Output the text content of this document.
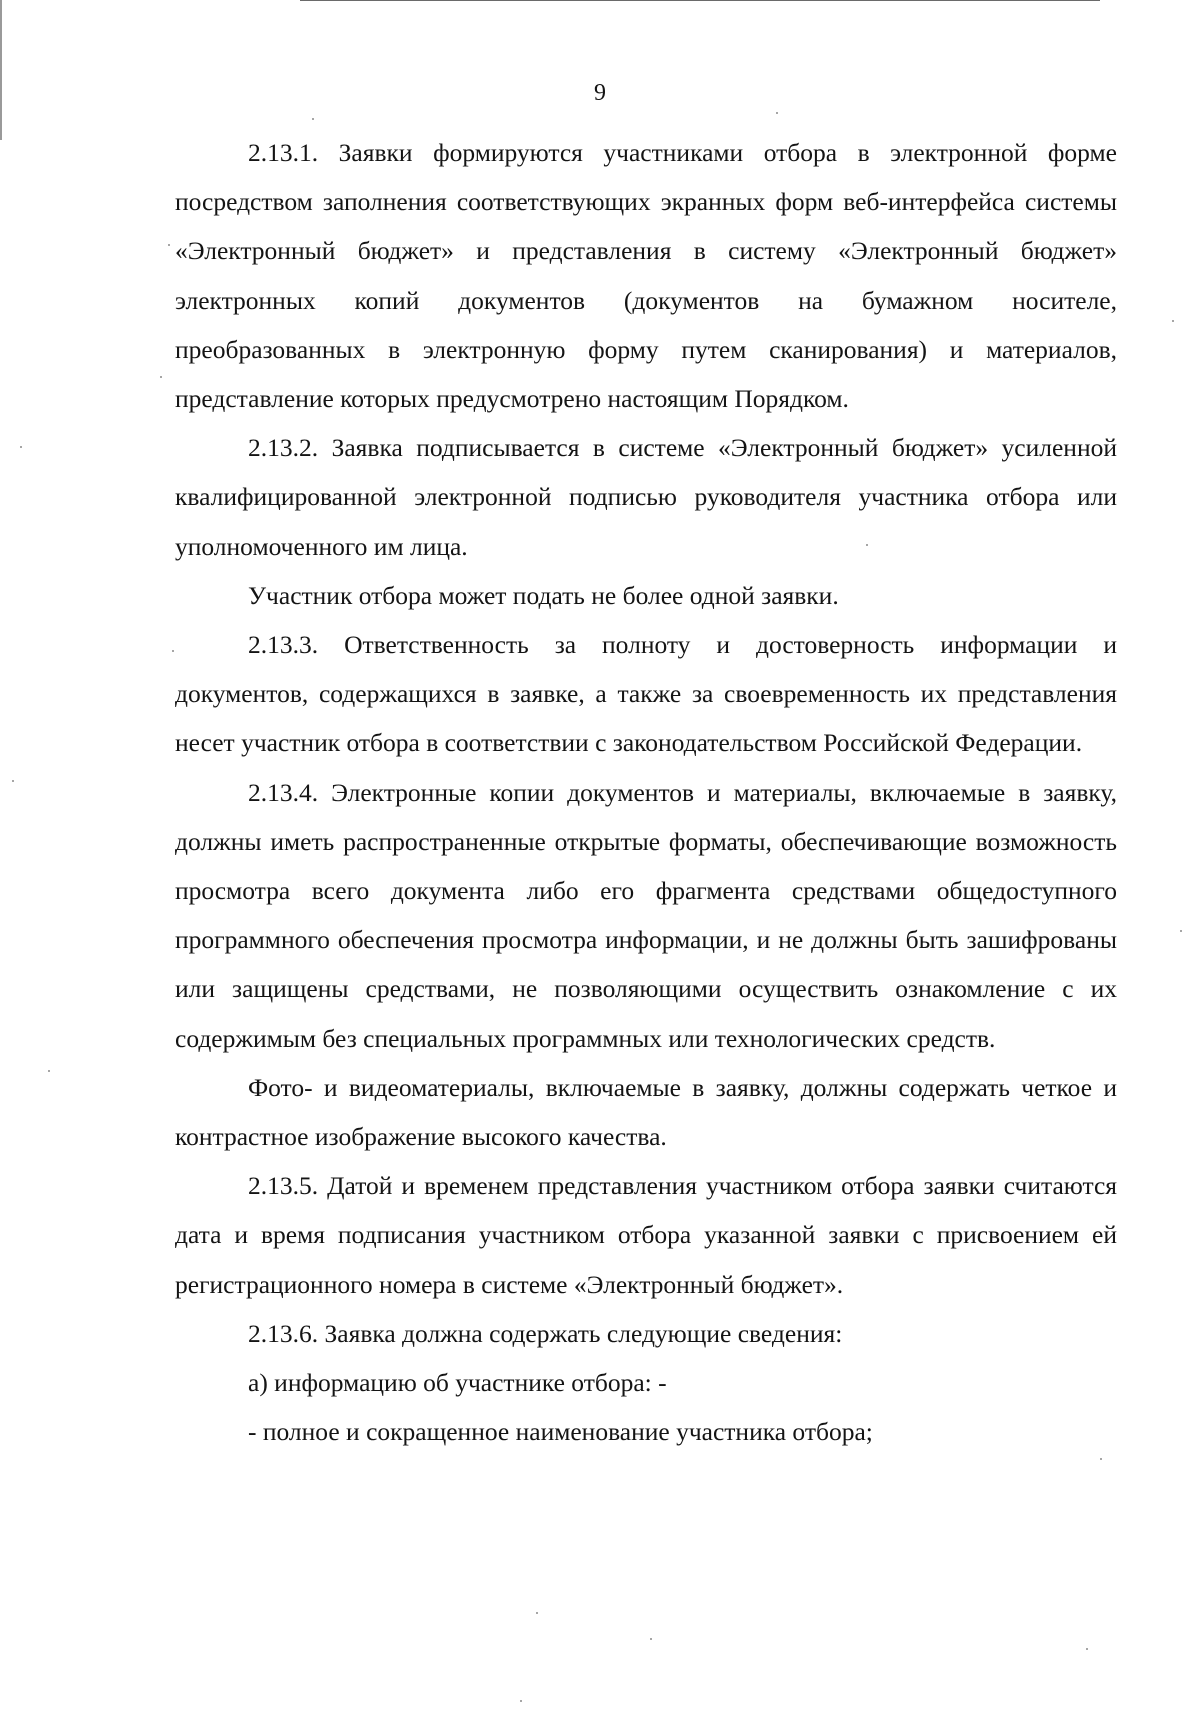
9

2.13.1. Заявки формируются участниками отбора в электронной форме посредством заполнения соответствующих экранных форм веб-интерфейса системы «Электронный бюджет» и представления в систему «Электронный бюджет» электронных копий документов (документов на бумажном носителе, преобразованных в электронную форму путем сканирования) и материалов, представление которых предусмотрено настоящим Порядком.

2.13.2. Заявка подписывается в системе «Электронный бюджет» усиленной квалифицированной электронной подписью руководителя участника отбора или уполномоченного им лица.

Участник отбора может подать не более одной заявки.

2.13.3. Ответственность за полноту и достоверность информации и документов, содержащихся в заявке, а также за своевременность их представления несет участник отбора в соответствии с законодательством Российской Федерации.

2.13.4. Электронные копии документов и материалы, включаемые в заявку, должны иметь распространенные открытые форматы, обеспечивающие возможность просмотра всего документа либо его фрагмента средствами общедоступного программного обеспечения просмотра информации, и не должны быть зашифрованы или защищены средствами, не позволяющими осуществить ознакомление с их содержимым без специальных программных или технологических средств.

Фото- и видеоматериалы, включаемые в заявку, должны содержать четкое и контрастное изображение высокого качества.

2.13.5. Датой и временем представления участником отбора заявки считаются дата и время подписания участником отбора указанной заявки с присвоением ей регистрационного номера в системе «Электронный бюджет».

2.13.6. Заявка должна содержать следующие сведения:

а) информацию об участнике отбора: -

- полное и сокращенное наименование участника отбора;
